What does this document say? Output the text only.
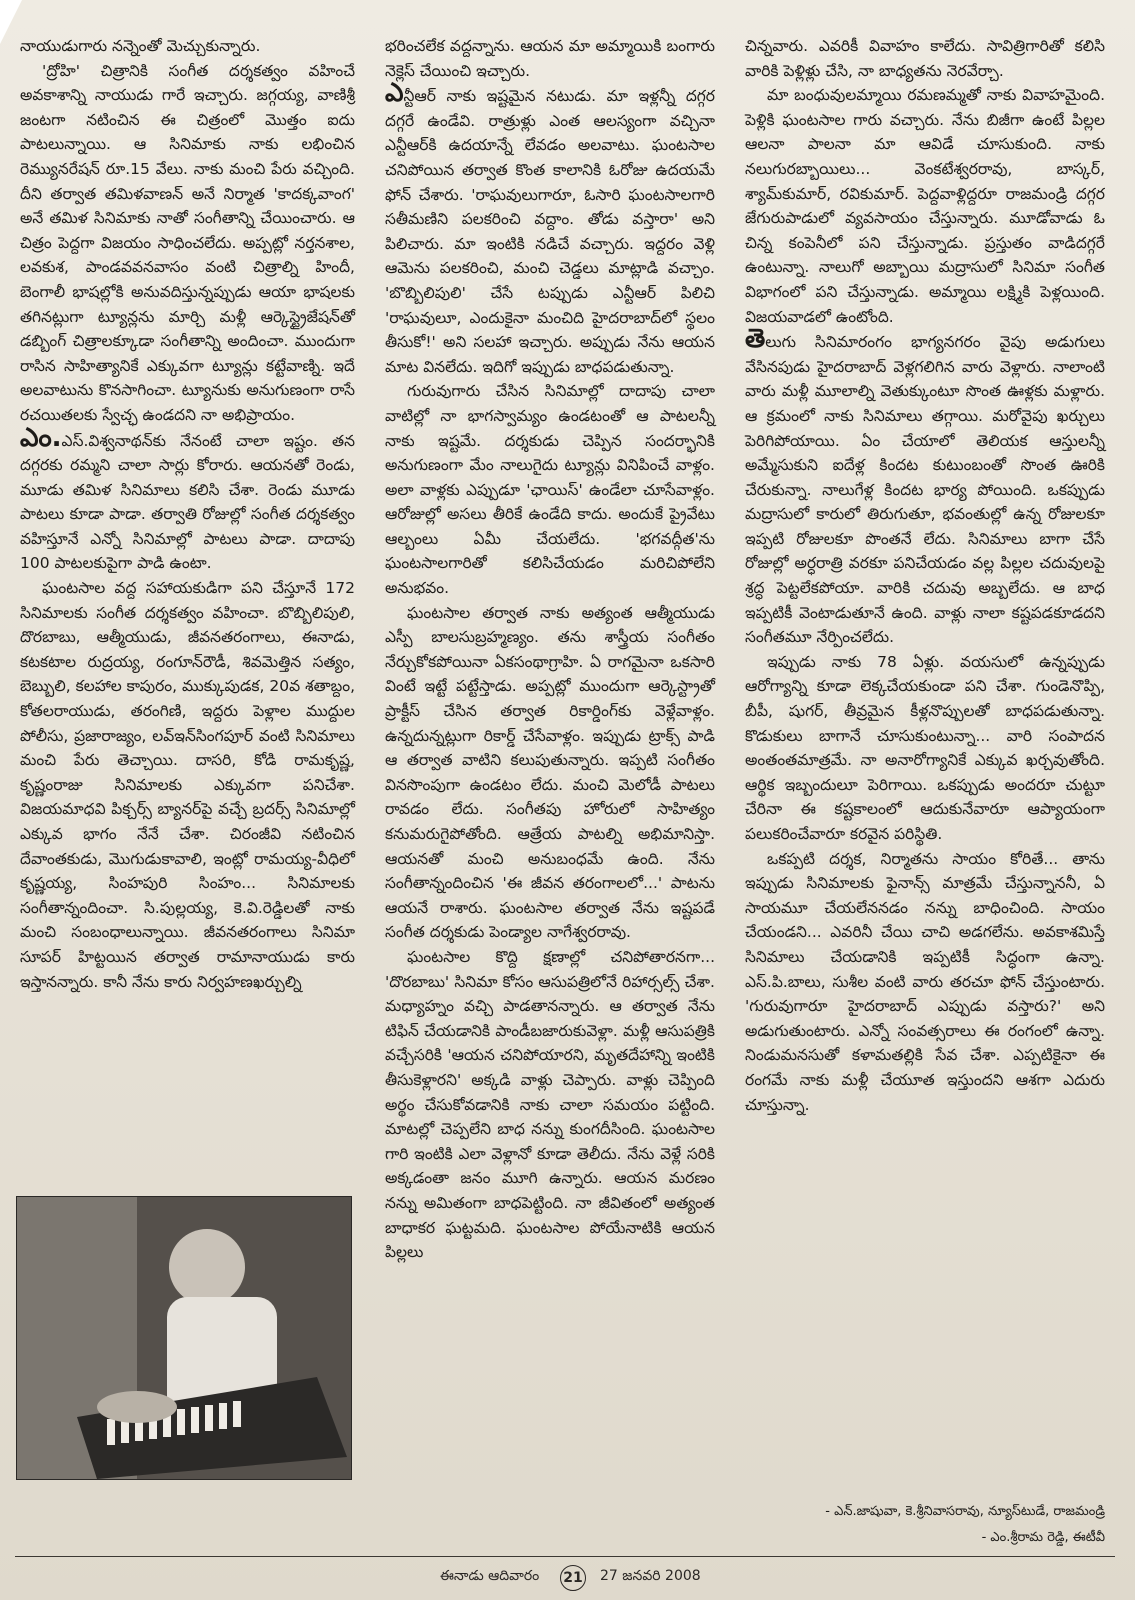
నాయుడుగారు నన్నెంతో మెచ్చుకున్నారు.

'ద్రోహి' చిత్రానికి సంగీత దర్శకత్వం వహించే అవకాశాన్ని నాయుడు గారే ఇచ్చారు. జగ్గయ్య, వాణిశ్రీ జంటగా నటించిన ఈ చిత్రంలో మొత్తం ఐదు పాటలున్నాయి. ఆ సినిమాకు నాకు లభించిన రెమ్యునరేషన్ రూ.15 వేలు. నాకు మంచి పేరు వచ్చింది. దీని తర్వాత తమిళవాణన్ అనే నిర్మాత 'కాదక్కవాంగ' అనే తమిళ సినిమాకు నాతో సంగీతాన్ని చేయించారు. ఆ చిత్రం పెద్దగా విజయం సాధించలేదు. అప్పట్లో నర్తనశాల, లవకుశ, పాండవవనవాసం వంటి చిత్రాల్ని హిందీ, బెంగాలీ భాషల్లోకి అనువదిస్తున్నప్పుడు ఆయా భాషలకు తగినట్లుగా ట్యూన్లను మార్చి మళ్లీ ఆర్కెస్ట్రైజేషన్‌తో డబ్బింగ్ చిత్రాలక్కూడా సంగీతాన్ని అందించా. ముందుగా రాసిన సాహిత్యానికే ఎక్కువగా ట్యూన్లు కట్టేవాణ్ని. ఇదే అలవాటును కొనసాగించా. ట్యూనుకు అనుగుణంగా రాసే రచయితలకు స్వేచ్ఛ ఉండదని నా అభిప్రాయం.

ఎం.ఎస్.విశ్వనాథన్‌కు నేనంటే చాలా ఇష్టం. తన దగ్గరకు రమ్మని చాలా సార్లు కోరారు. ఆయనతో రెండు, మూడు తమిళ సినిమాలు కలిసి చేశా. రెండు మూడు పాటలు కూడా పాడా. తర్వాతి రోజుల్లో సంగీత దర్శకత్వం వహిస్తూనే ఎన్నో సినిమాల్లో పాటలు పాడా. దాదాపు 100 పాటలకుపైగా పాడి ఉంటా.

ఘంటసాల వద్ద సహాయకుడిగా పని చేస్తూనే 172 సినిమాలకు సంగీత దర్శకత్వం వహించా. బొబ్బిలిపులి, దొరబాబు, ఆత్మీయుడు, జీవనతరంగాలు, ఈనాడు, కటకటాల రుద్రయ్య, రంగూన్‌రౌడీ, శివమెత్తిన సత్యం, బెబ్బులి, కలహాల కాపురం, ముక్కుపుడక, 20వ శతాబ్దం, కోతలరాయుడు, తరంగిణి, ఇద్దరు పెళ్లాల ముద్దుల పోలీసు, ప్రజారాజ్యం, లవ్‌ఇన్‌సింగపూర్ వంటి సినిమాలు మంచి పేరు తెచ్చాయి. దాసరి, కోడి రామకృష్ణ, కృష్ణంరాజు సినిమాలకు ఎక్కువగా పనిచేశా. విజయమాధవి పిక్చర్స్ బ్యానర్‌పై వచ్చే బ్రదర్స్ సినిమాల్లో ఎక్కువ భాగం నేనే చేశా. చిరంజీవి నటించిన దేవాంతకుడు, మొగుడుకావాలి, ఇంట్లో రామయ్య-వీధిలో కృష్ణయ్య, సింహపురి సింహం... సినిమాలకు సంగీతాన్నందించా. సి.పుల్లయ్య, కె.వి.రెడ్డిలతో నాకు మంచి సంబంధాలున్నాయి. జీవనతరంగాలు సినిమా సూపర్ హిట్టయిన తర్వాత రామానాయుడు కారు ఇస్తానన్నారు. కానీ నేను కారు నిర్వహణఖర్చుల్ని

భరించలేక వద్దన్నాను. ఆయన మా అమ్మాయికి బంగారు నెక్లెస్ చేయించి ఇచ్చారు.

ఎన్టీఆర్ నాకు ఇష్టమైన నటుడు. మా ఇళ్లన్నీ దగ్గర దగ్గరే ఉండేవి. రాత్రుళ్లు ఎంత ఆలస్యంగా వచ్చినా ఎన్టీఆర్‌కి ఉదయాన్నే లేవడం అలవాటు. ఘంటసాల చనిపోయిన తర్వాత కొంత కాలానికి ఓరోజు ఉదయమే ఫోన్ చేశారు. 'రాఘవులుగారూ, ఓసారి ఘంటసాలగారి సతీమణిని పలకరించి వద్దాం. తోడు వస్తారా' అని పిలిచారు. మా ఇంటికి నడిచే వచ్చారు. ఇద్దరం వెళ్లి ఆమెను పలకరించి, మంచి చెడ్డలు మాట్లాడి వచ్చాం. 'బొబ్బిలిపులి' చేసే టప్పుడు ఎన్టీఆర్ పిలిచి 'రాఘవులూ, ఎందుకైనా మంచిది హైదరాబాద్‌లో స్థలం తీసుకో!' అని సలహా ఇచ్చారు. అప్పుడు నేను ఆయన మాట వినలేదు. ఇదిగో ఇప్పుడు బాధపడుతున్నా.

గురువుగారు చేసిన సినిమాల్లో దాదాపు చాలా వాటిల్లో నా భాగస్వామ్యం ఉండటంతో ఆ పాటలన్నీ నాకు ఇష్టమే. దర్శకుడు చెప్పిన సందర్భానికి అనుగుణంగా మేం నాలుగైదు ట్యూన్లు వినిపించే వాళ్లం. అలా వాళ్లకు ఎప్పుడూ 'ఛాయిస్' ఉండేలా చూసేవాళ్లం. ఆరోజుల్లో అసలు తీరికే ఉండేది కాదు. అందుకే ప్రైవేటు ఆల్బంలు ఏమీ చేయలేదు. 'భగవద్గీత'ను ఘంటసాలగారితో కలిసిచేయడం మరిచిపోలేని అనుభవం.

ఘంటసాల తర్వాత నాకు అత్యంత ఆత్మీయుడు ఎస్పీ బాలసుబ్రహ్మణ్యం. తను శాస్త్రీయ సంగీతం నేర్చుకోకపోయినా ఏకసంథాగ్రాహి. ఏ రాగమైనా ఒకసారి వింటే ఇట్టే పట్టేస్తాడు. అప్పట్లో ముందుగా ఆర్కెస్ట్రాతో ప్రాక్టీస్ చేసిన తర్వాత రికార్డింగ్‌కు వెళ్లేవాళ్లం. ఉన్నదున్నట్లుగా రికార్డ్ చేసేవాళ్లం. ఇప్పుడు ట్రాక్స్ పాడి ఆ తర్వాత వాటిని కలుపుతున్నారు. ఇప్పటి సంగీతం వినసొంపుగా ఉండటం లేదు. మంచి మెలోడీ పాటలు రావడం లేదు. సంగీతపు హోరులో సాహిత్యం కనుమరుగైపోతోంది. ఆత్రేయ పాటల్ని అభిమానిస్తా. ఆయనతో మంచి అనుబంధమే ఉంది. నేను సంగీతాన్నందించిన 'ఈ జీవన తరంగాలలో...' పాటను ఆయనే రాశారు. ఘంటసాల తర్వాత నేను ఇష్టపడే సంగీత దర్శకుడు పెండ్యాల నాగేశ్వరరావు.

ఘంటసాల కొద్ది క్షణాల్లో చనిపోతారనగా... 'దొరబాబు' సినిమా కోసం ఆసుపత్రిలోనే రిహార్సల్స్ చేశా. మధ్యాహ్నం వచ్చి పాడతానన్నారు. ఆ తర్వాత నేను టిఫిన్ చేయడానికి పాండీబజారుకువెళ్లా. మళ్లీ ఆసుపత్రికి వచ్చేసరికి 'ఆయన చనిపోయారని, మృతదేహాన్ని ఇంటికి తీసుకెళ్లారని' అక్కడి వాళ్లు చెప్పారు. వాళ్లు చెప్పింది అర్థం చేసుకోవడానికి నాకు చాలా సమయం పట్టింది. మాటల్లో చెప్పలేని బాధ నన్ను కుంగదీసింది. ఘంటసాల గారి ఇంటికి ఎలా వెళ్లానో కూడా తెలీదు. నేను వెళ్లే సరికి అక్కడంతా జనం మూగి ఉన్నారు. ఆయన మరణం నన్ను అమితంగా బాధపెట్టింది. నా జీవితంలో అత్యంత బాధాకర ఘట్టమది. ఘంటసాల పోయేనాటికి ఆయన పిల్లలు

చిన్నవారు. ఎవరికీ వివాహం కాలేదు. సావిత్రిగారితో కలిసి వారికి పెళ్లిళ్లు చేసి, నా బాధ్యతను నెరవేర్చా.

మా బంధువులమ్మాయి రమణమ్మతో నాకు వివాహమైంది. పెళ్లికి ఘంటసాల గారు వచ్చారు. నేను బిజీగా ఉంటే పిల్లల ఆలనా పాలనా మా ఆవిడే చూసుకుంది. నాకు నలుగురబ్బాయిలు... వెంకటేశ్వరరావు, బాస్కర్, శ్యామ్‌కుమార్, రవికుమార్. పెద్దవాళ్లిద్దరూ రాజమండ్రి దగ్గర జేగురుపాడులో వ్యవసాయం చేస్తున్నారు. మూడోవాడు ఓ చిన్న కంపెనీలో పని చేస్తున్నాడు. ప్రస్తుతం వాడిదగ్గరే ఉంటున్నా. నాలుగో అబ్బాయి మద్రాసులో సినిమా సంగీత విభాగంలో పని చేస్తున్నాడు. అమ్మాయి లక్ష్మికి పెళ్లయింది. విజయవాడలో ఉంటోంది.

తెలుగు సినిమారంగం భాగ్యనగరం వైపు అడుగులు వేసినపుడు హైదరాబాద్ వెళ్లగలిగిన వారు వెళ్లారు. నాలాంటి వారు మళ్లీ మూలాల్ని వెతుక్కుంటూ సొంత ఊళ్లకు మళ్లారు. ఆ క్రమంలో నాకు సినిమాలు తగ్గాయి. మరోవైపు ఖర్చులు పెరిగిపోయాయి. ఏం చేయాలో తెలియక ఆస్తులన్నీ అమ్మేసుకుని ఐదేళ్ల కిందట కుటుంబంతో సొంత ఊరికి చేరుకున్నా. నాలుగేళ్ల కిందట భార్య పోయింది. ఒకప్పుడు మద్రాసులో కారులో తిరుగుతూ, భవంతుల్లో ఉన్న రోజులకూ ఇప్పటి రోజులకూ పొంతనే లేదు. సినిమాలు బాగా చేసే రోజుల్లో అర్ధరాత్రి వరకూ పనిచేయడం వల్ల పిల్లల చదువులపై శ్రద్ధ పెట్టలేకపోయా. వారికి చదువు అబ్బలేదు. ఆ బాధ ఇప్పటికీ వెంటాడుతూనే ఉంది. వాళ్లు నాలా కష్టపడకూడదని సంగీతమూ నేర్పించలేదు.

ఇప్పుడు నాకు 78 ఏళ్లు. వయసులో ఉన్నప్పుడు ఆరోగ్యాన్ని కూడా లెక్కచేయకుండా పని చేశా. గుండెనొప్పి, బీపీ, షుగర్, తీవ్రమైన కీళ్లనొప్పులతో బాధపడుతున్నా. కొడుకులు బాగానే చూసుకుంటున్నా... వారి సంపాదన అంతంతమాత్రమే. నా అనారోగ్యానికే ఎక్కువ ఖర్చవుతోంది. ఆర్థిక ఇబ్బందులూ పెరిగాయి. ఒకప్పుడు అందరూ చుట్టూ చేరినా ఈ కష్టకాలంలో ఆదుకునేవారూ ఆప్యాయంగా పలుకరించేవారూ కరవైన పరిస్థితి.

ఒకప్పటి దర్శక, నిర్మాతను సాయం కోరితే... తాను ఇప్పుడు సినిమాలకు ఫైనాన్స్ మాత్రమే చేస్తున్నాననీ, ఏ సాయమూ చేయలేననడం నన్ను బాధించింది. సాయం చేయండని... ఎవరినీ చేయి చాచి అడగలేను. అవకాశమిస్తే సినిమాలు చేయడానికి ఇప్పటికీ సిద్ధంగా ఉన్నా. ఎస్.పి.బాలు, సుశీల వంటి వారు తరచూ ఫోన్ చేస్తుంటారు. 'గురువుగారూ హైదరాబాద్ ఎప్పుడు వస్తారు?' అని అడుగుతుంటారు. ఎన్నో సంవత్సరాలు ఈ రంగంలో ఉన్నా. నిండుమనసుతో కళామతల్లికి సేవ చేశా. ఎప్పటికైనా ఈ రంగమే నాకు మళ్లీ చేయూత ఇస్తుందని ఆశగా ఎదురు చూస్తున్నా.

- ఎన్.జాషువా, కె.శ్రీనివాసరావు, న్యూస్‌టుడే, రాజమండ్రి
- ఎం.శ్రీరామ రెడ్డి, ఈటీవీ
ఈనాడు ఆదివారం 21 27 జనవరి 2008
